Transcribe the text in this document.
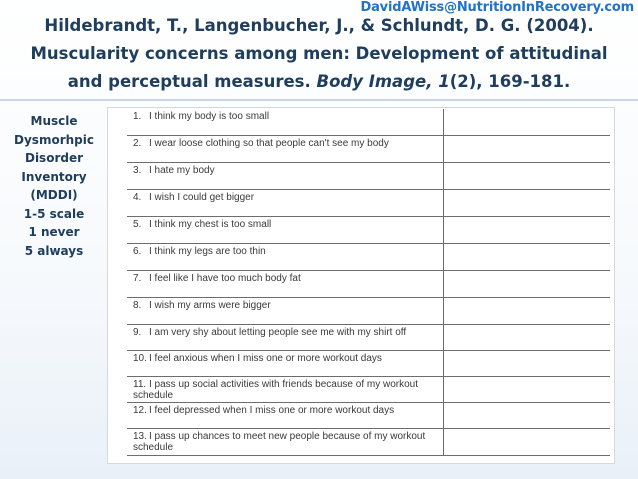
DavidAWiss@NutritionInRecovery.com
Hildebrandt, T., Langenbucher, J., & Schlundt, D. G. (2004).
Muscularity concerns among men: Development of attitudinal
and perceptual measures. Body Image, 1(2), 169-181.
Muscle
Dysmorhpic
Disorder
Inventory
(MDDI)
1-5 scale
1 never
5 always
1. I think my body is too small
2. I wear loose clothing so that people can't see my body
3. I hate my body
4. I wish I could get bigger
5. I think my chest is too small
6. I think my legs are too thin
7. I feel like I have too much body fat
8. I wish my arms were bigger
9. I am very shy about letting people see me with my shirt off
10. I feel anxious when I miss one or more workout days
11. I pass up social activities with friends because of my workout schedule
12. I feel depressed when I miss one or more workout days
13. I pass up chances to meet new people because of my workout schedule
